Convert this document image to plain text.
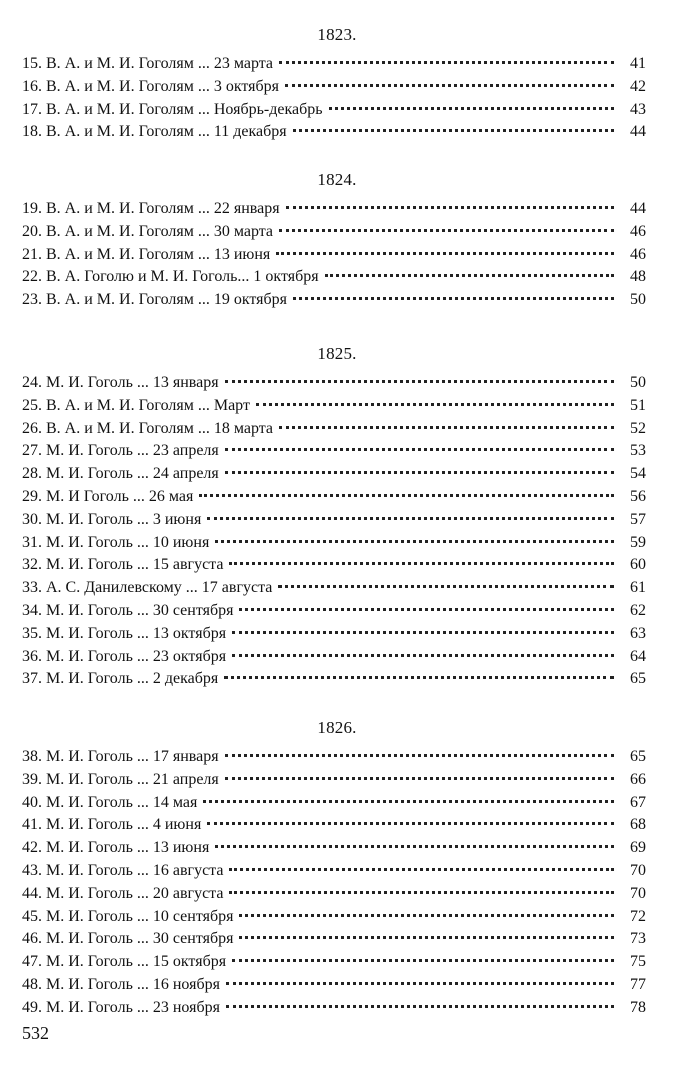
1823.
15. В. А. и М. И. Гоголям ... 23 марта	41
16. В. А. и М. И. Гоголям ... 3 октября	42
17. В. А. и М. И. Гоголям ... Ноябрь-декабрь	43
18. В. А. и М. И. Гоголям ... 11 декабря	44
1824.
19. В. А. и М. И. Гоголям ... 22 января	44
20. В. А. и М. И. Гоголям ... 30 марта	46
21. В. А. и М. И. Гоголям ... 13 июня	46
22. В. А. Гоголю и М. И. Гоголь... 1 октября	48
23. В. А. и М. И. Гоголям ... 19 октября	50
1825.
24. М. И. Гоголь ... 13 января	50
25. В. А. и М. И. Гоголям ... Март	51
26. В. А. и М. И. Гоголям ... 18 марта	52
27. М. И. Гоголь ... 23 апреля	53
28. М. И. Гоголь ... 24 апреля	54
29. М. И Гоголь ... 26 мая	56
30. М. И. Гоголь ... 3 июня	57
31. М. И. Гоголь ... 10 июня	59
32. М. И. Гоголь ... 15 августа	60
33. А. С. Данилевскому ... 17 августа	61
34. М. И. Гоголь ... 30 сентября	62
35. М. И. Гоголь ... 13 октября	63
36. М. И. Гоголь ... 23 октября	64
37. М. И. Гоголь ... 2 декабря	65
1826.
38. М. И. Гоголь ... 17 января	65
39. М. И. Гоголь ... 21 апреля	66
40. М. И. Гоголь ... 14 мая	67
41. М. И. Гоголь ... 4 июня	68
42. М. И. Гоголь ... 13 июня	69
43. М. И. Гоголь ... 16 августа	70
44. М. И. Гоголь ... 20 августа	70
45. М. И. Гоголь ... 10 сентября	72
46. М. И. Гоголь ... 30 сентября	73
47. М. И. Гоголь ... 15 октября	75
48. М. И. Гоголь ... 16 ноября	77
49. М. И. Гоголь ... 23 ноября	78
532
